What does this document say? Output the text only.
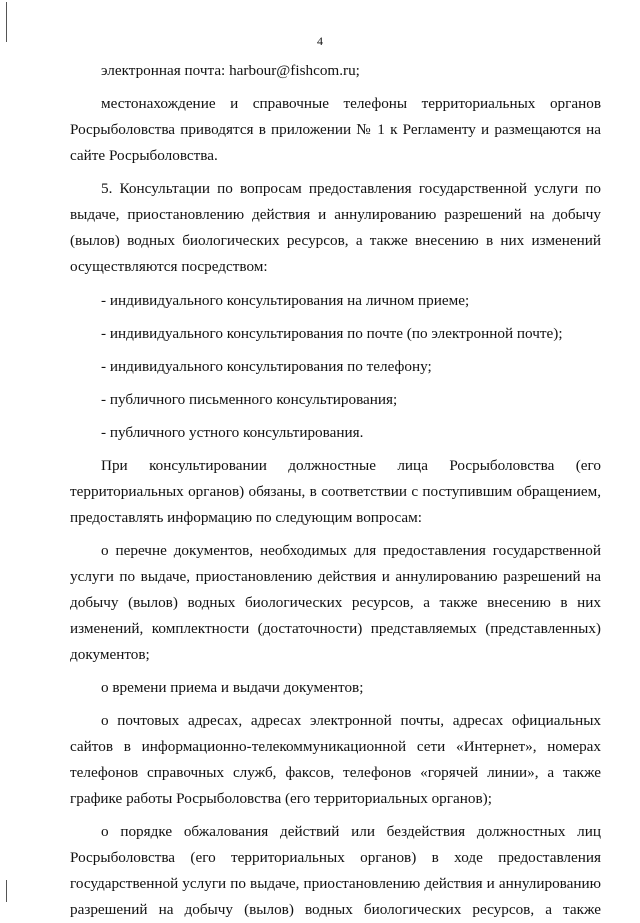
4

электронная почта: harbour@fishcom.ru;

местонахождение и справочные телефоны территориальных органов Росрыболовства приводятся в приложении № 1 к Регламенту и размещаются на сайте Росрыболовства.

5. Консультации по вопросам предоставления государственной услуги по выдаче, приостановлению действия и аннулированию разрешений на добычу (вылов) водных биологических ресурсов, а также внесению в них изменений осуществляются посредством:

- индивидуального консультирования на личном приеме;

- индивидуального консультирования по почте (по электронной почте);

- индивидуального консультирования по телефону;

- публичного письменного консультирования;

- публичного устного консультирования.

При консультировании должностные лица Росрыболовства (его территориальных органов) обязаны, в соответствии с поступившим обращением, предоставлять информацию по следующим вопросам:

о перечне документов, необходимых для предоставления государственной услуги по выдаче, приостановлению действия и аннулированию разрешений на добычу (вылов) водных биологических ресурсов, а также внесению в них изменений, комплектности (достаточности) представляемых (представленных) документов;

о времени приема и выдачи документов;

о почтовых адресах, адресах электронной почты, адресах официальных сайтов в информационно-телекоммуникационной сети «Интернет», номерах телефонов справочных служб, факсов, телефонов «горячей линии», а также графике работы Росрыболовства (его территориальных органов);

о порядке обжалования действий или бездействия должностных лиц Росрыболовства (его территориальных органов) в ходе предоставления государственной услуги по выдаче, приостановлению действия и аннулированию разрешений на добычу (вылов) водных биологических ресурсов, а также
